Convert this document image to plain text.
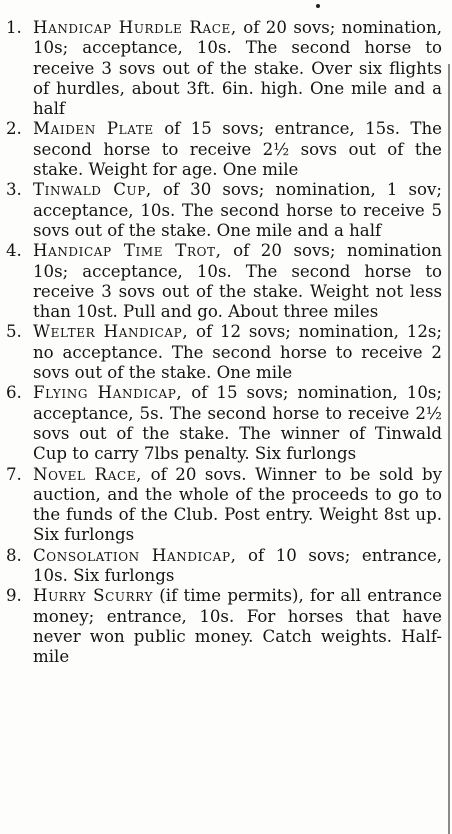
1. Handicap Hurdle Race, of 20 sovs; nomination, 10s; acceptance, 10s. The second horse to receive 3 sovs out of the stake. Over six flights of hurdles, about 3ft. 6in. high. One mile and a half

2. Maiden Plate of 15 sovs; entrance, 15s. The second horse to receive 2½ sovs out of the stake. Weight for age. One mile

3. Tinwald Cup, of 30 sovs; nomination, 1 sov; acceptance, 10s. The second horse to receive 5 sovs out of the stake. One mile and a half

4. Handicap Time Trot, of 20 sovs; nomination 10s; acceptance, 10s. The second horse to receive 3 sovs out of the stake. Weight not less than 10st. Pull and go. About three miles

5. Welter Handicap, of 12 sovs; nomination, 12s; no acceptance. The second horse to receive 2 sovs out of the stake. One mile

6. Flying Handicap, of 15 sovs; nomination, 10s; acceptance, 5s. The second horse to receive 2½ sovs out of the stake. The winner of Tinwald Cup to carry 7lbs penalty. Six furlongs

7. Novel Race, of 20 sovs. Winner to be sold by auction, and the whole of the proceeds to go to the funds of the Club. Post entry. Weight 8st up. Six furlongs

8. Consolation Handicap, of 10 sovs; entrance, 10s. Six furlongs

9. Hurry Scurry (if time permits), for all entrance money; entrance, 10s. For horses that have never won public money. Catch weights. Half-mile
